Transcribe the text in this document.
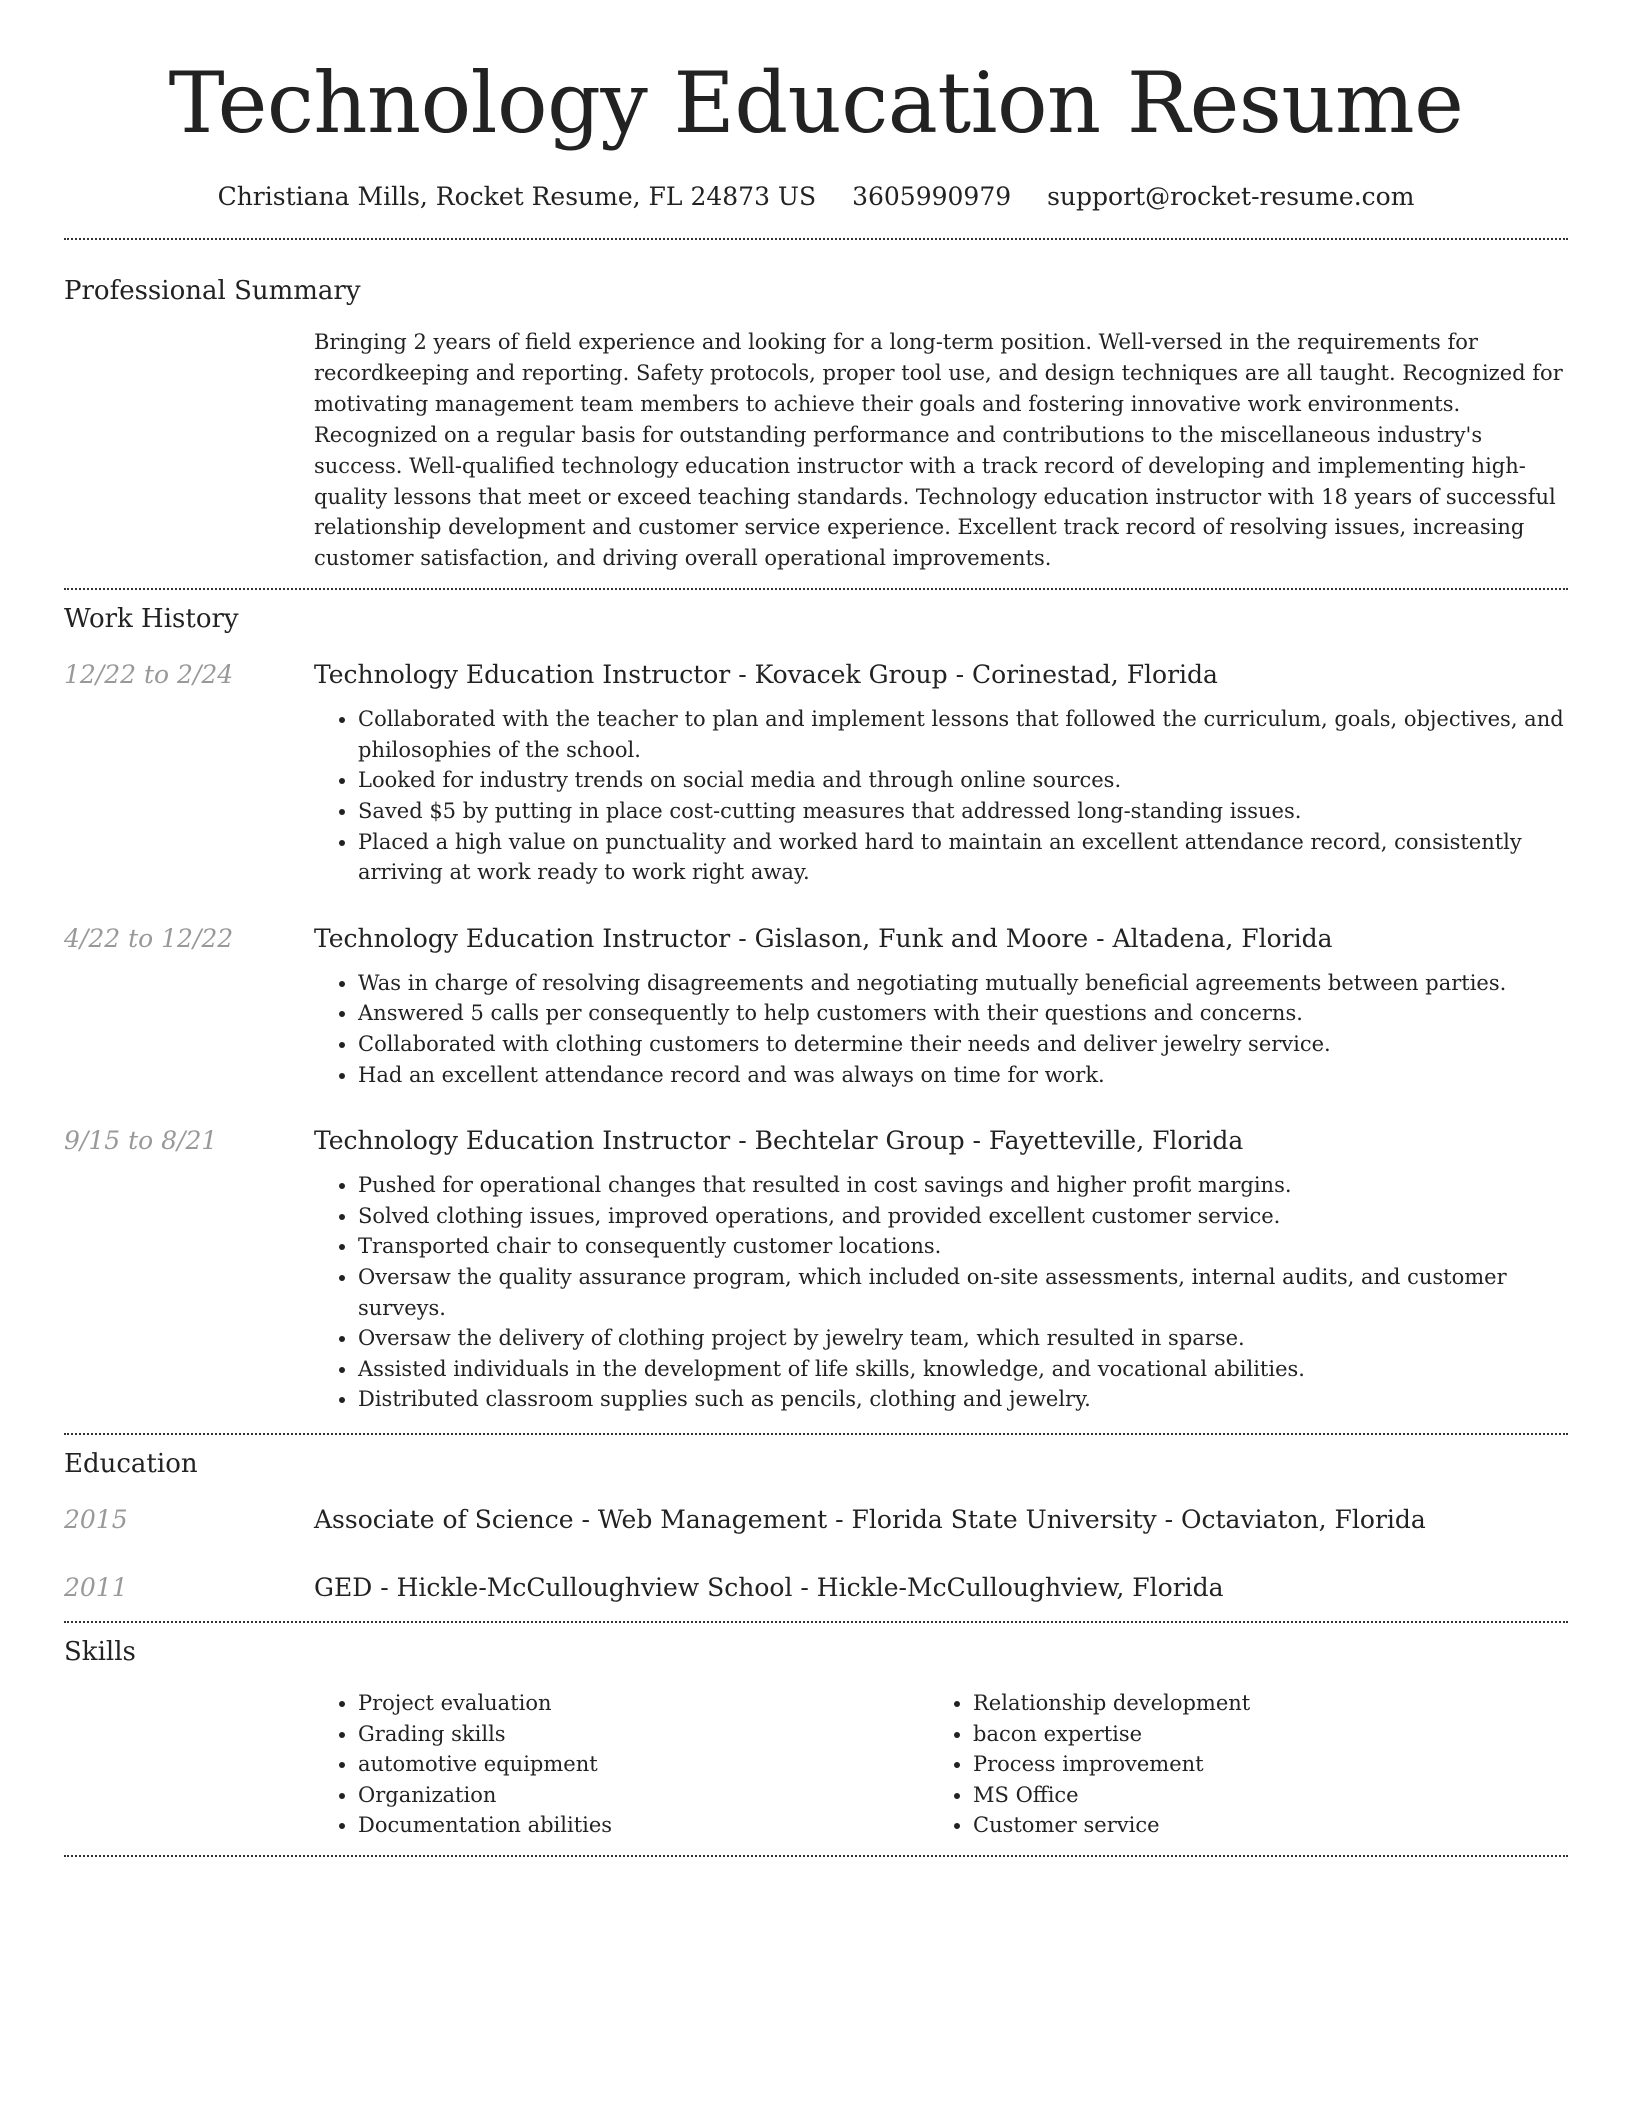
Technology Education Resume
Christiana Mills, Rocket Resume, FL 24873 US 3605990979 support@rocket-resume.com
Professional Summary
Bringing 2 years of field experience and looking for a long-term position. Well-versed in the requirements for recordkeeping and reporting. Safety protocols, proper tool use, and design techniques are all taught. Recognized for motivating management team members to achieve their goals and fostering innovative work environments. Recognized on a regular basis for outstanding performance and contributions to the miscellaneous industry's success. Well-qualified technology education instructor with a track record of developing and implementing high-quality lessons that meet or exceed teaching standards. Technology education instructor with 18 years of successful relationship development and customer service experience. Excellent track record of resolving issues, increasing customer satisfaction, and driving overall operational improvements.
Work History
12/22 to 2/24	Technology Education Instructor - Kovacek Group - Corinestad, Florida
• Collaborated with the teacher to plan and implement lessons that followed the curriculum, goals, objectives, and philosophies of the school.
• Looked for industry trends on social media and through online sources.
• Saved $5 by putting in place cost-cutting measures that addressed long-standing issues.
• Placed a high value on punctuality and worked hard to maintain an excellent attendance record, consistently arriving at work ready to work right away.
4/22 to 12/22	Technology Education Instructor - Gislason, Funk and Moore - Altadena, Florida
• Was in charge of resolving disagreements and negotiating mutually beneficial agreements between parties.
• Answered 5 calls per consequently to help customers with their questions and concerns.
• Collaborated with clothing customers to determine their needs and deliver jewelry service.
• Had an excellent attendance record and was always on time for work.
9/15 to 8/21	Technology Education Instructor - Bechtelar Group - Fayetteville, Florida
• Pushed for operational changes that resulted in cost savings and higher profit margins.
• Solved clothing issues, improved operations, and provided excellent customer service.
• Transported chair to consequently customer locations.
• Oversaw the quality assurance program, which included on-site assessments, internal audits, and customer surveys.
• Oversaw the delivery of clothing project by jewelry team, which resulted in sparse.
• Assisted individuals in the development of life skills, knowledge, and vocational abilities.
• Distributed classroom supplies such as pencils, clothing and jewelry.
Education
2015	Associate of Science - Web Management - Florida State University - Octaviaton, Florida
2011	GED - Hickle-McCulloughview School - Hickle-McCulloughview, Florida
Skills
• Project evaluation
• Grading skills
• automotive equipment
• Organization
• Documentation abilities
• Relationship development
• bacon expertise
• Process improvement
• MS Office
• Customer service
